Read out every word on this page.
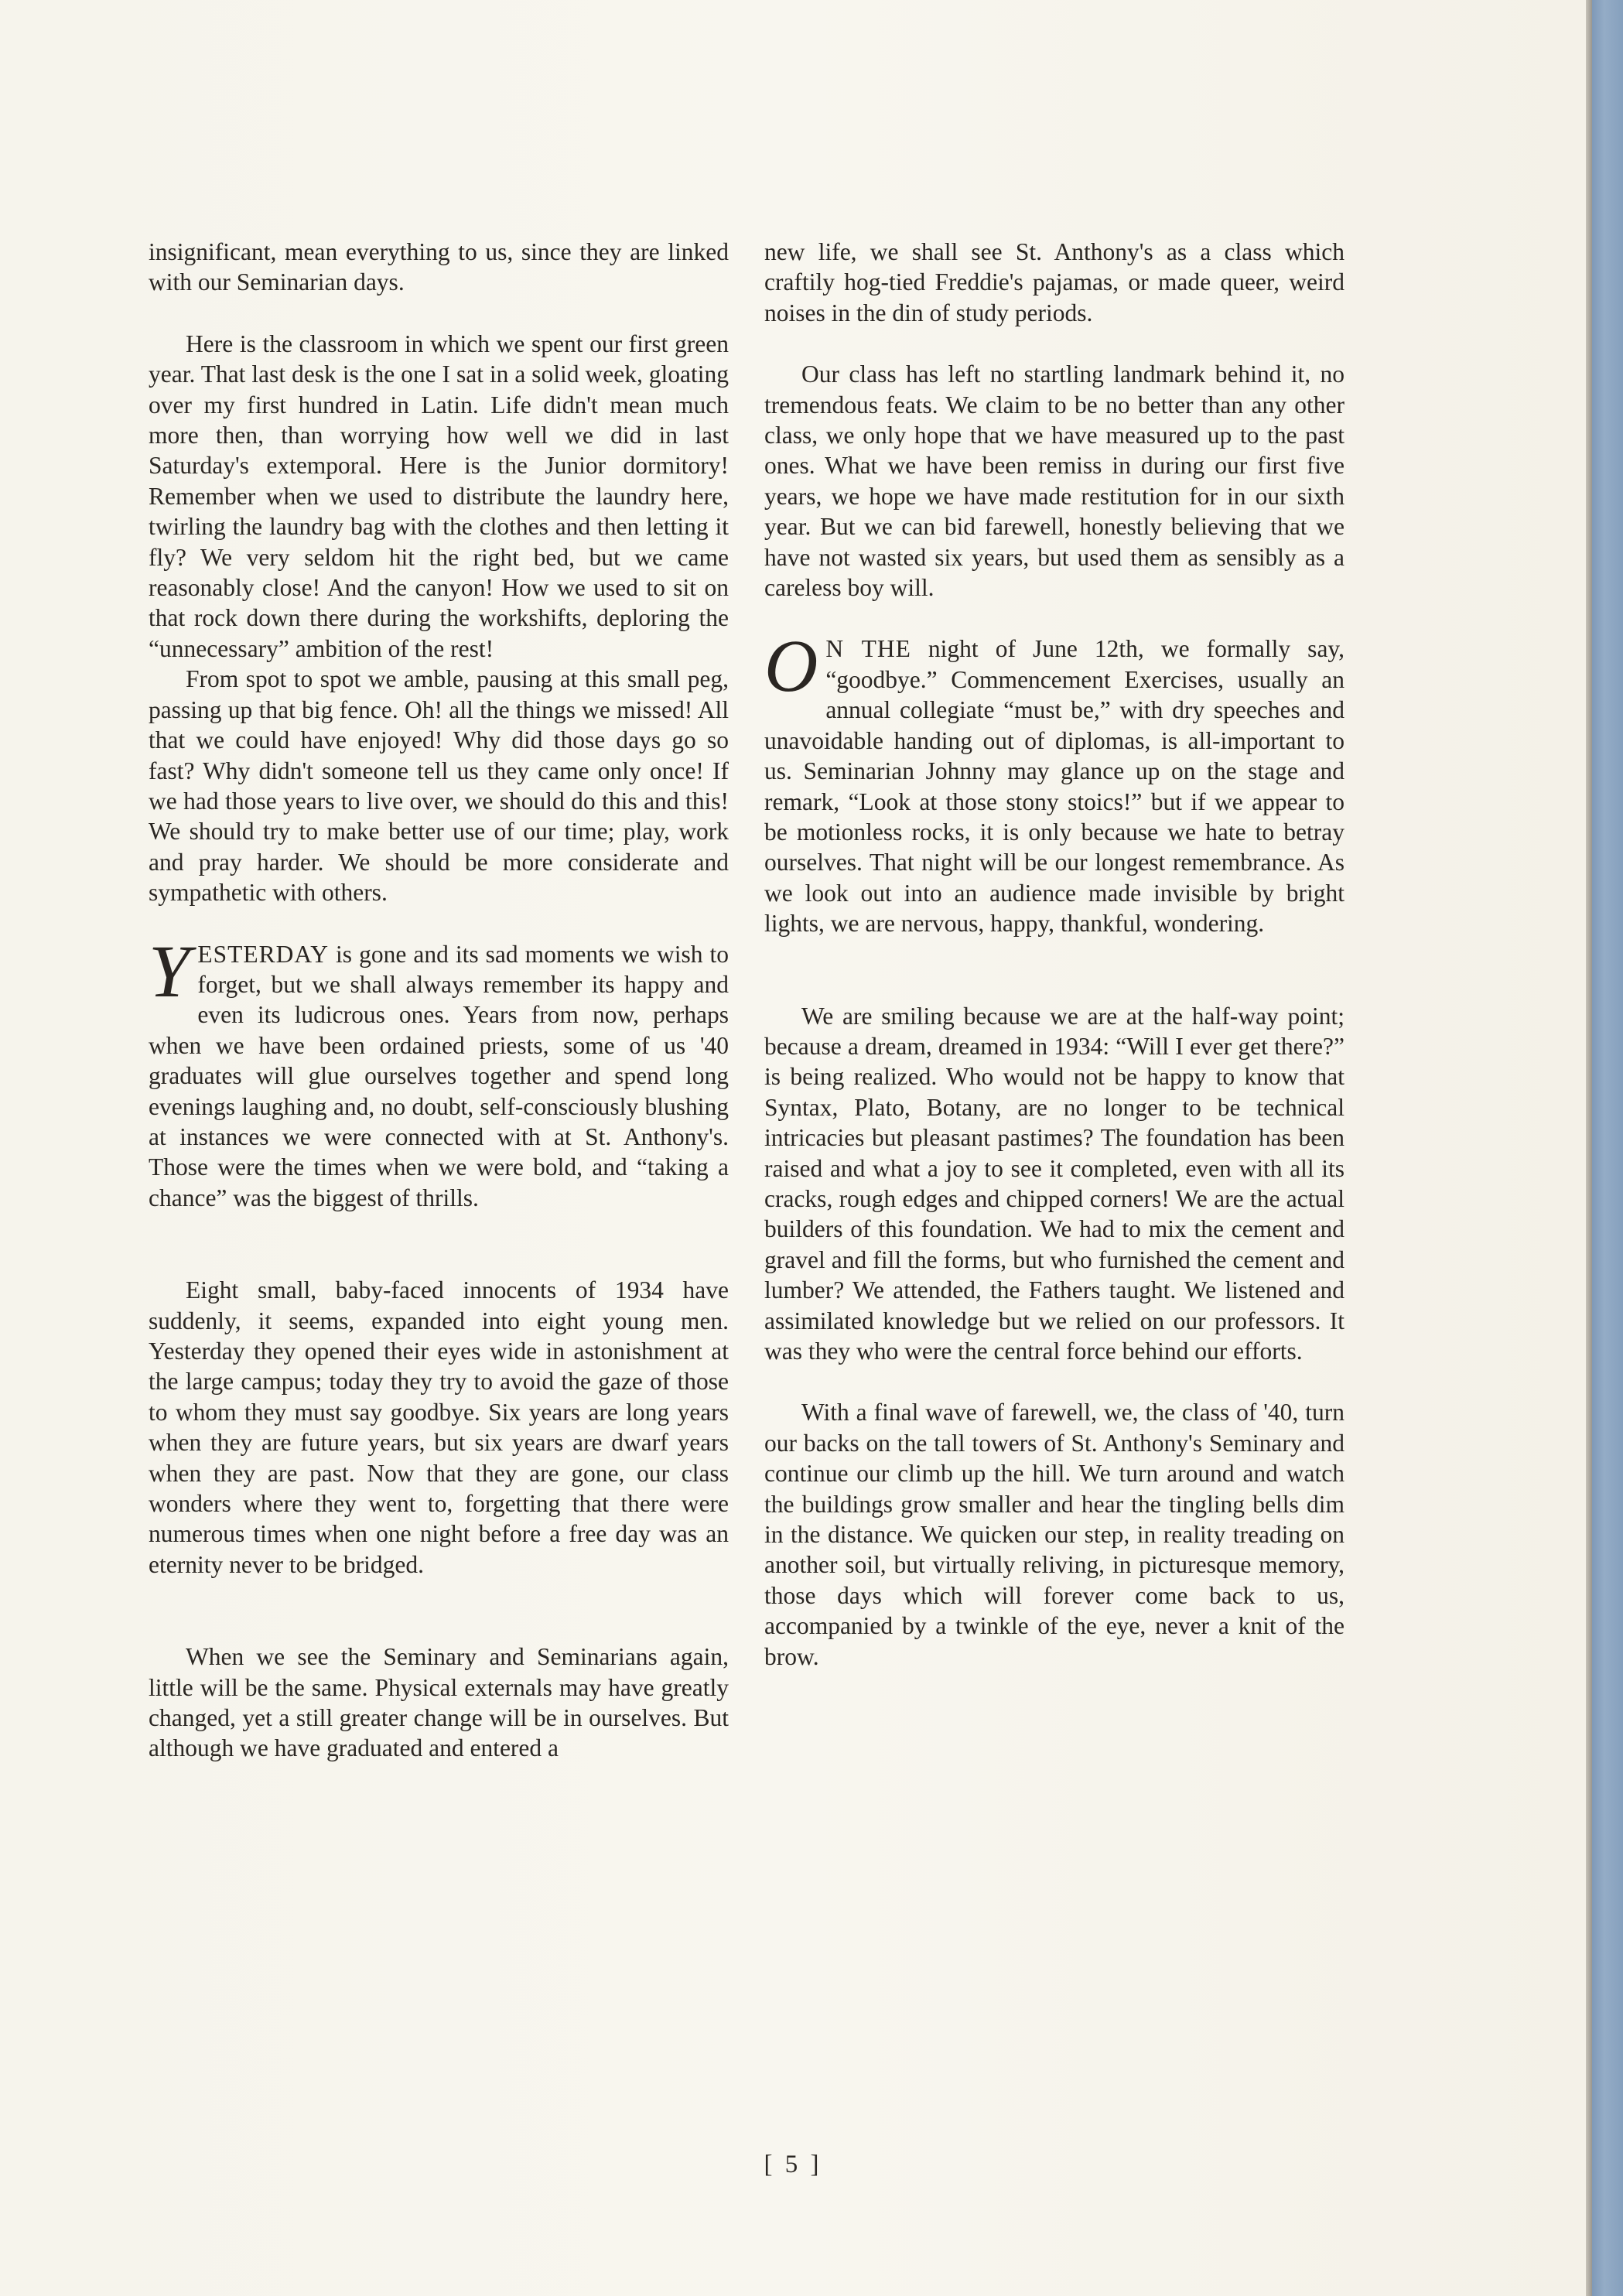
insignificant, mean everything to us, since they are linked with our Seminarian days.

Here is the classroom in which we spent our first green year. That last desk is the one I sat in a solid week, gloating over my first hundred in Latin. Life didn't mean much more then, than worrying how well we did in last Saturday's extemporal. Here is the Junior dormitory! Remember when we used to distribute the laundry here, twirling the laundry bag with the clothes and then letting it fly? We very seldom hit the right bed, but we came reasonably close! And the canyon! How we used to sit on that rock down there during the workshifts, deploring the “unnecessary” ambition of the rest!

From spot to spot we amble, pausing at this small peg, passing up that big fence. Oh! all the things we missed! All that we could have enjoyed! Why did those days go so fast? Why didn't someone tell us they came only once! If we had those years to live over, we should do this and this! We should try to make better use of our time; play, work and pray harder. We should be more considerate and sympathetic with others.

YESTERDAY is gone and its sad moments we wish to forget, but we shall always remember its happy and even its ludicrous ones. Years from now, perhaps when we have been ordained priests, some of us '40 graduates will glue ourselves together and spend long evenings laughing and, no doubt, self-consciously blushing at instances we were connected with at St. Anthony's. Those were the times when we were bold, and “taking a chance” was the biggest of thrills.

Eight small, baby-faced innocents of 1934 have suddenly, it seems, expanded into eight young men. Yesterday they opened their eyes wide in astonishment at the large campus; today they try to avoid the gaze of those to whom they must say goodbye. Six years are long years when they are future years, but six years are dwarf years when they are past. Now that they are gone, our class wonders where they went to, forgetting that there were numerous times when one night before a free day was an eternity never to be bridged.

When we see the Seminary and Seminarians again, little will be the same. Physical externals may have greatly changed, yet a still greater change will be in ourselves. But although we have graduated and entered a

new life, we shall see St. Anthony's as a class which craftily hog-tied Freddie's pajamas, or made queer, weird noises in the din of study periods.

Our class has left no startling landmark behind it, no tremendous feats. We claim to be no better than any other class, we only hope that we have measured up to the past ones. What we have been remiss in during our first five years, we hope we have made restitution for in our sixth year. But we can bid farewell, honestly believing that we have not wasted six years, but used them as sensibly as a careless boy will.

O N THE night of June 12th, we formally say, “goodbye.” Commencement Exercises, usually an annual collegiate “must be,” with dry speeches and unavoidable handing out of diplomas, is all-important to us. Seminarian Johnny may glance up on the stage and remark, “Look at those stony stoics!” but if we appear to be motionless rocks, it is only because we hate to betray ourselves. That night will be our longest remembrance. As we look out into an audience made invisible by bright lights, we are nervous, happy, thankful, wondering.

We are smiling because we are at the half-way point; because a dream, dreamed in 1934: “Will I ever get there?” is being realized. Who would not be happy to know that Syntax, Plato, Botany, are no longer to be technical intricacies but pleasant pastimes? The foundation has been raised and what a joy to see it completed, even with all its cracks, rough edges and chipped corners! We are the actual builders of this foundation. We had to mix the cement and gravel and fill the forms, but who furnished the cement and lumber? We attended, the Fathers taught. We listened and assimilated knowledge but we relied on our professors. It was they who were the central force behind our efforts.

With a final wave of farewell, we, the class of '40, turn our backs on the tall towers of St. Anthony's Seminary and continue our climb up the hill. We turn around and watch the buildings grow smaller and hear the tingling bells dim in the distance. We quicken our step, in reality treading on another soil, but virtually reliving, in picturesque memory, those days which will forever come back to us, accompanied by a twinkle of the eye, never a knit of the brow.

[ 5 ]
